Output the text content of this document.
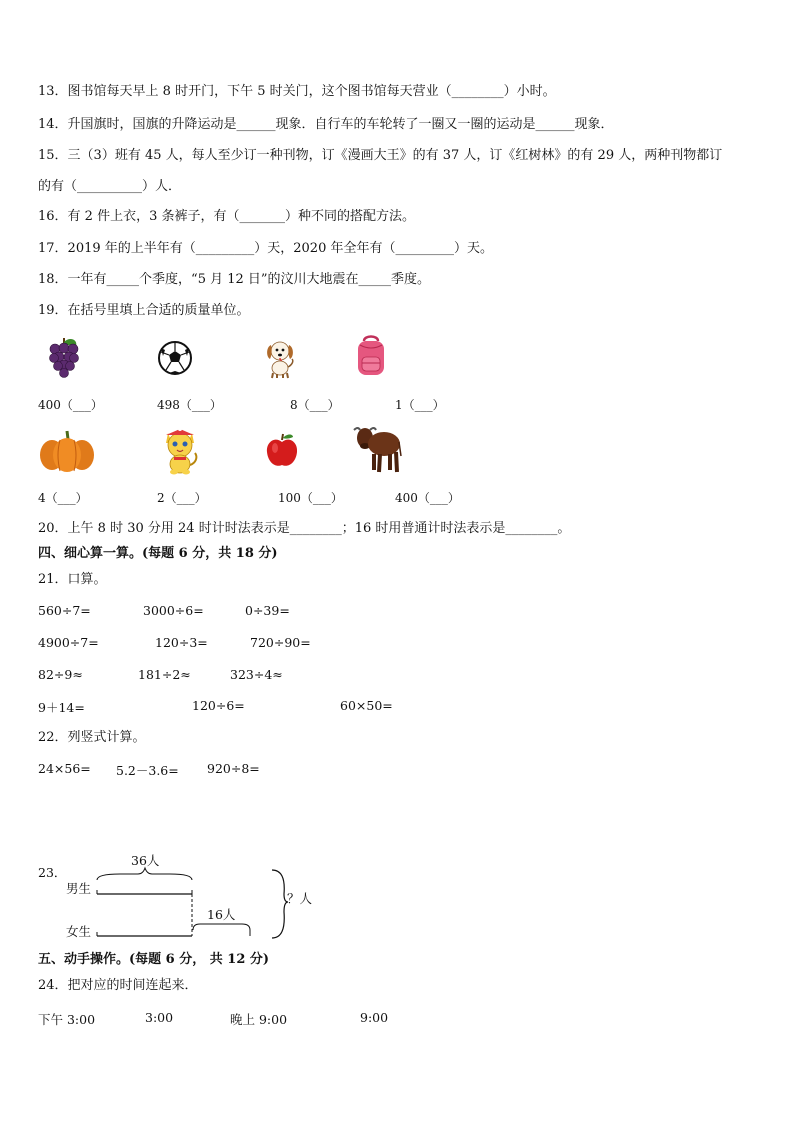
13．图书馆每天早上 8 时开门，下午 5 时关门，这个图书馆每天营业（________）小时。
14．升国旗时，国旗的升降运动是______现象．自行车的车轮转了一圈又一圈的运动是______现象．
15．三（3）班有 45 人，每人至少订一种刊物，订《漫画大王》的有 37 人，订《红树林》的有 29 人，两种刊物都订
的有（__________）人．
16．有 2 件上衣，3 条裤子，有（_______）种不同的搭配方法。
17．2019 年的上半年有（_________）天，2020 年全年有（_________）天。
18．一年有_____个季度，“5 月 12 日”的汶川大地震在_____季度。
19．在括号里填上合适的质量单位。
400（___）	498（___）	8（___）	1（___）
4（___）	2（___）	100（___）	400（___）
20．上午 8 时 30 分用 24 时计时法表示是________；16 时用普通计时法表示是________。
四、细心算一算。(每题 6 分，共 18 分)
21．口算。
560÷7=	3000÷6=	0÷39=
4900÷7=	120÷3=	720÷90=
82÷9≈	181÷2≈	323÷4≈
9＋14=	120÷6=	60×50=
22．列竖式计算。
24×56= 5.2－3.6= 920÷8=
23．
男生
女生
36人
16人
？人
五、动手操作。(每题 6 分， 共 12 分)
24．把对应的时间连起来．
下午 3:00	3:00	晚上 9:00	9:00
